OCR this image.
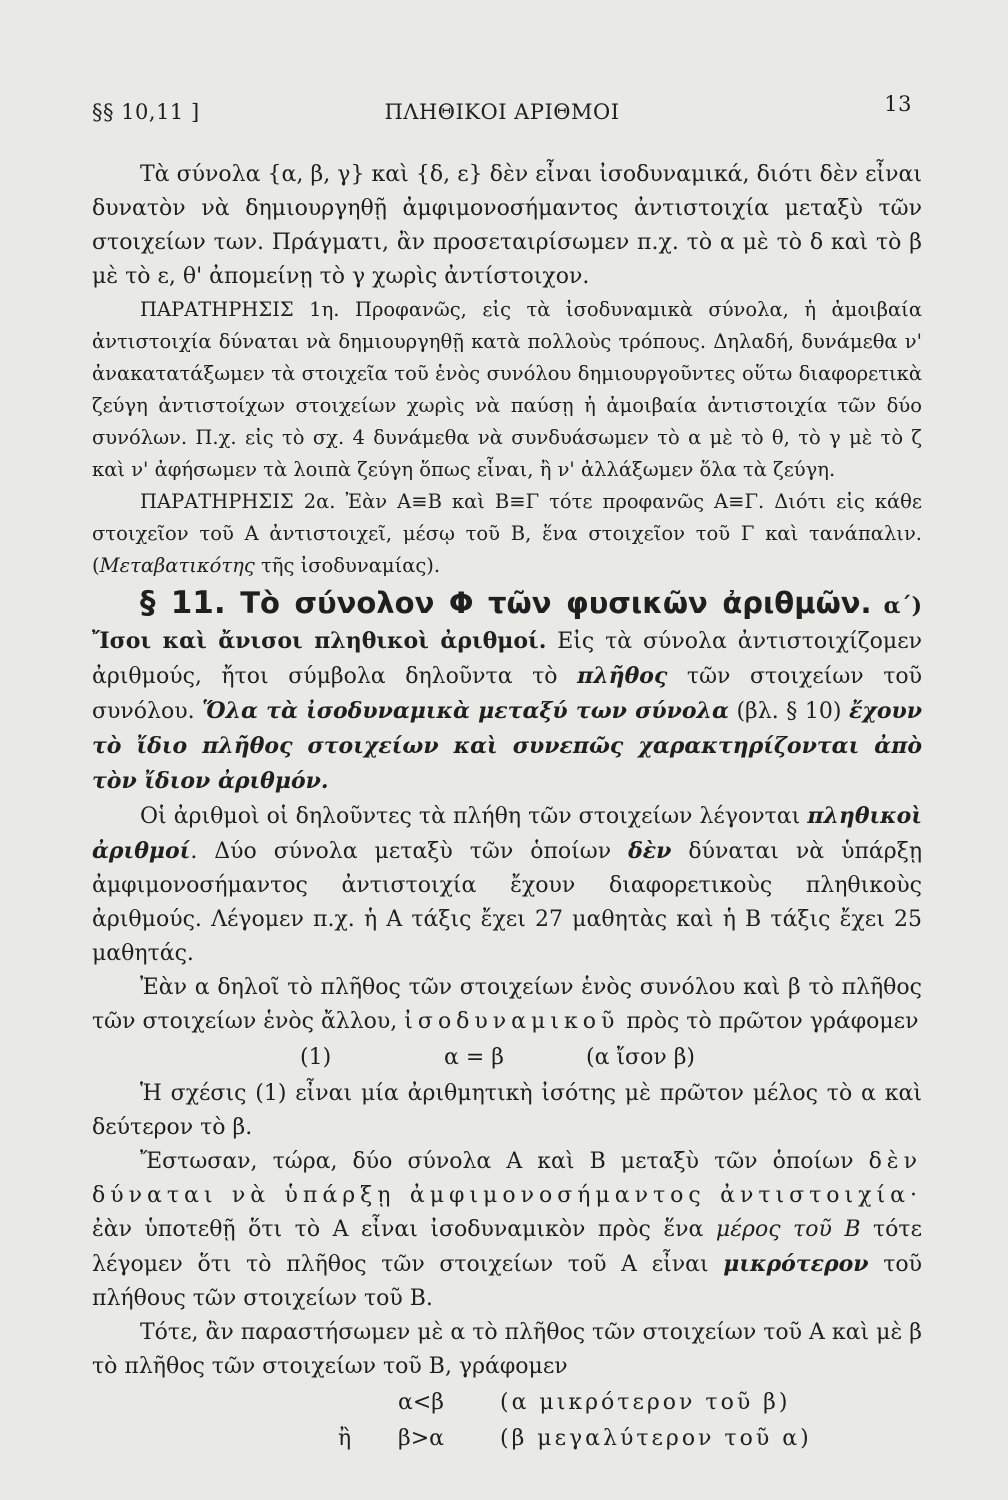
§§ 10,11 ]	ΠΛΗΘΙΚΟΙ ΑΡΙΘΜΟΙ	13

Τὰ σύνολα {α, β, γ} καὶ {δ, ε} δὲν εἶναι ἰσοδυναμικά, διότι δὲν εἶναι δυνατὸν νὰ δημιουργηθῇ ἀμφιμονοσήμαντος ἀντιστοιχία μεταξὺ τῶν στοιχείων των. Πράγματι, ἂν προσεταιρίσωμεν π.χ. τὸ α μὲ τὸ δ καὶ τὸ β μὲ τὸ ε, θ' ἀπομείνῃ τὸ γ χωρὶς ἀντίστοιχον.

ΠΑΡΑΤΗΡΗΣΙΣ 1η. Προφανῶς, εἰς τὰ ἰσοδυναμικὰ σύνολα, ἡ ἀμοιβαία ἀντιστοιχία δύναται νὰ δημιουργηθῇ κατὰ πολλοὺς τρόπους. Δηλαδή, δυνάμεθα ν' ἀνακατατάξωμεν τὰ στοιχεῖα τοῦ ἑνὸς συνόλου δημιουργοῦντες οὕτω διαφορετικὰ ζεύγη ἀντιστοίχων στοιχείων χωρὶς νὰ παύσῃ ἡ ἀμοιβαία ἀντιστοιχία τῶν δύο συνόλων. Π.χ. εἰς τὸ σχ. 4 δυνάμεθα νὰ συνδυάσωμεν τὸ α μὲ τὸ θ, τὸ γ μὲ τὸ ζ καὶ ν' ἀφήσωμεν τὰ λοιπὰ ζεύγη ὅπως εἶναι, ἢ ν' ἀλλάξωμεν ὅλα τὰ ζεύγη.

ΠΑΡΑΤΗΡΗΣΙΣ 2α. Ἐὰν Α≡Β καὶ Β≡Γ τότε προφανῶς Α≡Γ. Διότι εἰς κάθε στοιχεῖον τοῦ Α ἀντιστοιχεῖ, μέσῳ τοῦ Β, ἕνα στοιχεῖον τοῦ Γ καὶ τανάπαλιν. (Μεταβατικότης τῆς ἰσοδυναμίας).

§ 11. Τὸ σύνολον Φ τῶν φυσικῶν ἀριθμῶν. α΄) Ἴσοι καὶ ἄνισοι πληθικοὶ ἀριθμοί. Εἰς τὰ σύνολα ἀντιστοιχίζομεν ἀριθμούς, ἤτοι σύμβολα δηλοῦντα τὸ πλῆθος τῶν στοιχείων τοῦ συνόλου. Ὅλα τὰ ἰσοδυναμικὰ μεταξύ των σύνολα (βλ. § 10) ἔχουν τὸ ἴδιο πλῆθος στοιχείων καὶ συνεπῶς χαρακτηρίζονται ἀπὸ τὸν ἴδιον ἀριθμόν.

Οἱ ἀριθμοὶ οἱ δηλοῦντες τὰ πλήθη τῶν στοιχείων λέγονται πληθικοὶ ἀριθμοί. Δύο σύνολα μεταξὺ τῶν ὁποίων δὲν δύναται νὰ ὑπάρξῃ ἀμφιμονοσήμαντος ἀντιστοιχία ἔχουν διαφορετικοὺς πληθικοὺς ἀριθμούς. Λέγομεν π.χ. ἡ Α τάξις ἔχει 27 μαθητὰς καὶ ἡ Β τάξις ἔχει 25 μαθητάς.

Ἐὰν α δηλοῖ τὸ πλῆθος τῶν στοιχείων ἑνὸς συνόλου καὶ β τὸ πλῆθος τῶν στοιχείων ἑνὸς ἄλλου, ἰσοδυναμικοῦ πρὸς τὸ πρῶτον γράφομεν

(1)	α = β	(α ἴσον β)

Ἡ σχέσις (1) εἶναι μία ἀριθμητικὴ ἰσότης μὲ πρῶτον μέλος τὸ α καὶ δεύτερον τὸ β.

Ἔστωσαν, τώρα, δύο σύνολα Α καὶ Β μεταξὺ τῶν ὁποίων δὲν δύναται νὰ ὑπάρξῃ ἀμφιμονοσήμαντος ἀντιστοιχία· ἐὰν ὑποτεθῇ ὅτι τὸ Α εἶναι ἰσοδυναμικὸν πρὸς ἕνα μέρος τοῦ Β τότε λέγομεν ὅτι τὸ πλῆθος τῶν στοιχείων τοῦ Α εἶναι μικρότερον τοῦ πλήθους τῶν στοιχείων τοῦ Β.

Τότε, ἂν παραστήσωμεν μὲ α τὸ πλῆθος τῶν στοιχείων τοῦ Α καὶ μὲ β τὸ πλῆθος τῶν στοιχείων τοῦ Β, γράφομεν

α<β	(α μικρότερον τοῦ β)
ἢ β>α	(β μεγαλύτερον τοῦ α)
